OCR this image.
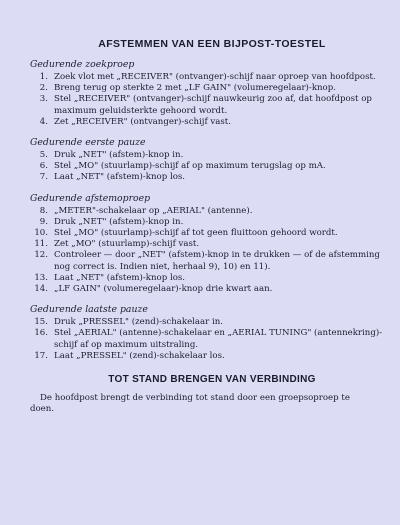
AFSTEMMEN VAN EEN BIJPOST-TOESTEL
Gedurende zoekproep
1. Zoek vlot met „RECEIVER" (ontvanger)-schijf naar oproep van hoofdpost.
2. Breng terug op sterkte 2 met „LF GAIN" (volumeregelaar)-knop.
3. Stel „RECEIVER" (ontvanger)-schijf nauwkeurig zoo af, dat hoofdpost op maximum geluidsterkte gehoord wordt.
4. Zet „RECEIVER" (ontvanger)-schijf vast.
Gedurende eerste pauze
5. Druk „NET" (afstem)-knop in.
6. Stel „MO" (stuurlamp)-schijf af op maximum terugslag op mA.
7. Laat „NET" (afstem)-knop los.
Gedurende afstemoproep
8. „METER"-schakelaar op „AERIAL" (antenne).
9. Druk „NET" (afstem)-knop in.
10. Stel „MO" (stuurlamp)-schijf af tot geen fluittoon gehoord wordt.
11. Zet „MO" (stuurlamp)-schijf vast.
12. Controleer — door „NET" (afstem)-knop in te drukken — of de afstemming nog correct is. Indien niet, herhaal 9), 10) en 11).
13. Laat „NET" (afstem)-knop los.
14. „LF GAIN" (volumeregelaar)-knop drie kwart aan.
Gedurende laatste pauze
15. Druk „PRESSEL" (zend)-schakelaar in.
16. Stel „AERIAL" (antenne)-schakelaar en „AERIAL TUNING" (antennekring)-schijf af op maximum uitstraling.
17. Laat „PRESSEL" (zend)-schakelaar los.
TOT STAND BRENGEN VAN VERBINDING

De hoofdpost brengt de verbinding tot stand door een groepsoproep te doen.
